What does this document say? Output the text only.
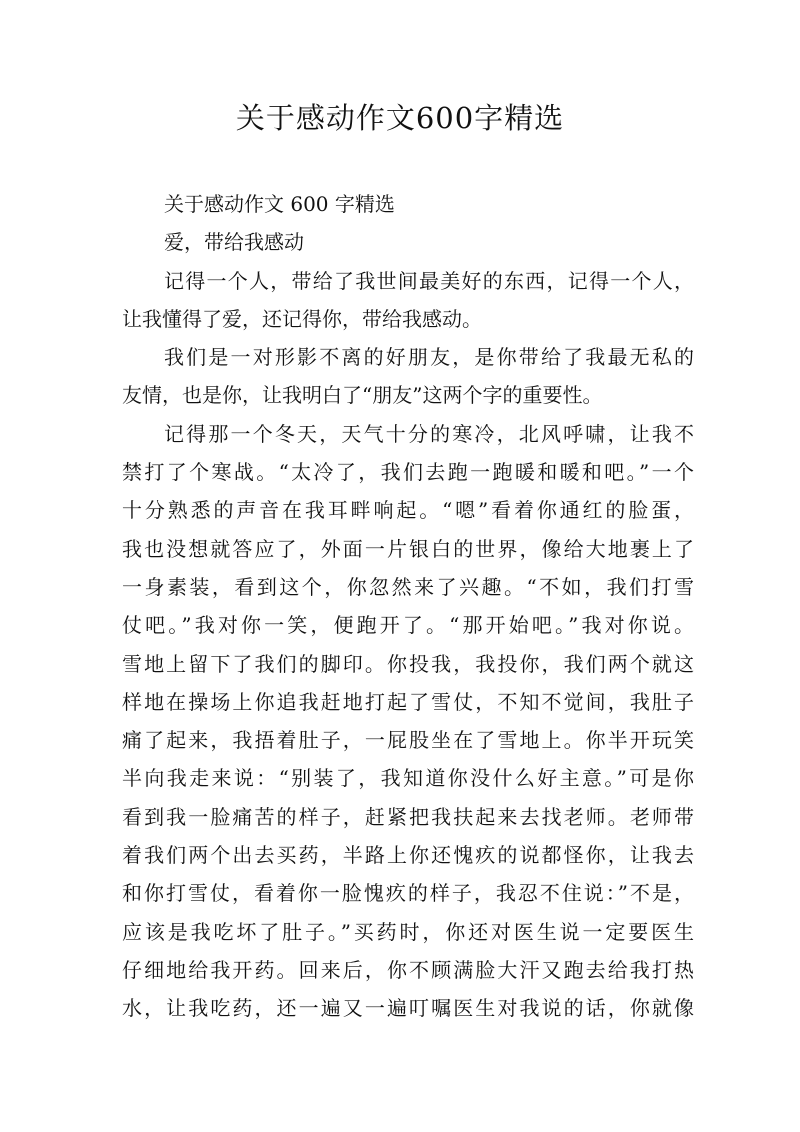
关于感动作文600字精选
关于感动作文 600 字精选
爱，带给我感动
记得一个人，带给了我世间最美好的东西，记得一个人，
让我懂得了爱，还记得你，带给我感动。
我们是一对形影不离的好朋友，是你带给了我最无私的
友情，也是你，让我明白了“朋友”这两个字的重要性。
记得那一个冬天，天气十分的寒冷，北风呼啸，让我不
禁打了个寒战。“太冷了，我们去跑一跑暖和暖和吧。”一个
十分熟悉的声音在我耳畔响起。“嗯”看着你通红的脸蛋，
我也没想就答应了，外面一片银白的世界，像给大地裹上了
一身素装，看到这个，你忽然来了兴趣。“不如，我们打雪
仗吧。”我对你一笑，便跑开了。“那开始吧。”我对你说。
雪地上留下了我们的脚印。你投我，我投你，我们两个就这
样地在操场上你追我赶地打起了雪仗，不知不觉间，我肚子
痛了起来，我捂着肚子，一屁股坐在了雪地上。你半开玩笑
半向我走来说：“别装了，我知道你没什么好主意。”可是你
看到我一脸痛苦的样子，赶紧把我扶起来去找老师。老师带
着我们两个出去买药，半路上你还愧疚的说都怪你，让我去
和你打雪仗，看着你一脸愧疚的样子，我忍不住说：”不是，
应该是我吃坏了肚子。”买药时，你还对医生说一定要医生
仔细地给我开药。回来后，你不顾满脸大汗又跑去给我打热
水，让我吃药，还一遍又一遍叮嘱医生对我说的话，你就像
